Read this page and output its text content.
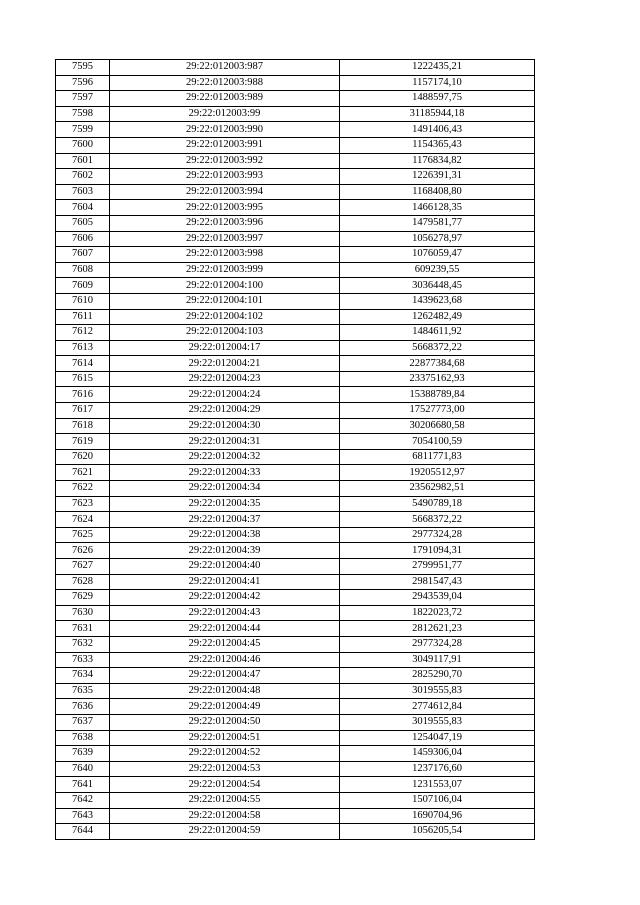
7595	29:22:012003:987	1222435,21
7596	29:22:012003:988	1157174,10
7597	29:22:012003:989	1488597,75
7598	29:22:012003:99	31185944,18
7599	29:22:012003:990	1491406,43
7600	29:22:012003:991	1154365,43
7601	29:22:012003:992	1176834,82
7602	29:22:012003:993	1226391,31
7603	29:22:012003:994	1168408,80
7604	29:22:012003:995	1466128,35
7605	29:22:012003:996	1479581,77
7606	29:22:012003:997	1056278,97
7607	29:22:012003:998	1076059,47
7608	29:22:012003:999	609239,55
7609	29:22:012004:100	3036448,45
7610	29:22:012004:101	1439623,68
7611	29:22:012004:102	1262482,49
7612	29:22:012004:103	1484611,92
7613	29:22:012004:17	5668372,22
7614	29:22:012004:21	22877384,68
7615	29:22:012004:23	23375162,93
7616	29:22:012004:24	15388789,84
7617	29:22:012004:29	17527773,00
7618	29:22:012004:30	30206680,58
7619	29:22:012004:31	7054100,59
7620	29:22:012004:32	6811771,83
7621	29:22:012004:33	19205512,97
7622	29:22:012004:34	23562982,51
7623	29:22:012004:35	5490789,18
7624	29:22:012004:37	5668372,22
7625	29:22:012004:38	2977324,28
7626	29:22:012004:39	1791094,31
7627	29:22:012004:40	2799951,77
7628	29:22:012004:41	2981547,43
7629	29:22:012004:42	2943539,04
7630	29:22:012004:43	1822023,72
7631	29:22:012004:44	2812621,23
7632	29:22:012004:45	2977324,28
7633	29:22:012004:46	3049117,91
7634	29:22:012004:47	2825290,70
7635	29:22:012004:48	3019555,83
7636	29:22:012004:49	2774612,84
7637	29:22:012004:50	3019555,83
7638	29:22:012004:51	1254047,19
7639	29:22:012004:52	1459306,04
7640	29:22:012004:53	1237176,60
7641	29:22:012004:54	1231553,07
7642	29:22:012004:55	1507106,04
7643	29:22:012004:58	1690704,96
7644	29:22:012004:59	1056205,54
